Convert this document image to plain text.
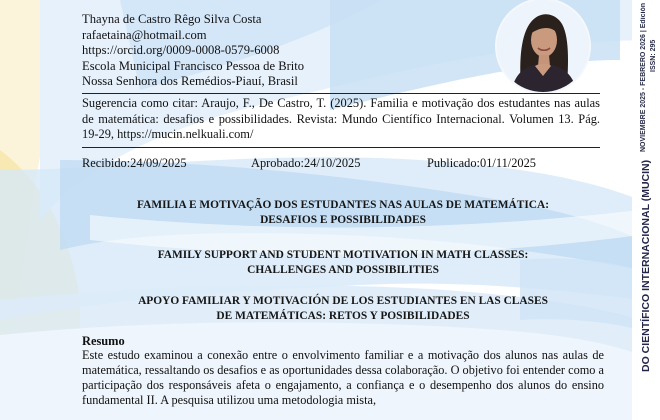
Thayna de Castro Rêgo Silva Costa
rafaetaina@hotmail.com
https://orcid.org/0009-0008-0579-6008
Escola Municipal Francisco Pessoa de Brito
Nossa Senhora dos Remédios-Piauí, Brasil
Sugerencia como citar: Araujo, F., De Castro, T. (2025). Familia e motivação dos estudantes nas aulas de matemática: desafios e possibilidades. Revista: Mundo Científico Internacional. Volumen 13. Pág. 19-29, https://mucin.nelkuali.com/
Recibido:24/09/2025	Aprobado:24/10/2025	Publicado:01/11/2025
FAMILIA E MOTIVAÇÃO DOS ESTUDANTES NAS AULAS DE MATEMÁTICA:
DESAFIOS E POSSIBILIDADES
FAMILY SUPPORT AND STUDENT MOTIVATION IN MATH CLASSES:
CHALLENGES AND POSSIBILITIES
APOYO FAMILIAR Y MOTIVACIÓN DE LOS ESTUDIANTES EN LAS CLASES
DE MATEMÁTICAS: RETOS Y POSIBILIDADES
Resumo
Este estudo examinou a conexão entre o envolvimento familiar e a motivação dos alunos nas aulas de matemática, ressaltando os desafios e as oportunidades dessa colaboração. O objetivo foi entender como a participação dos responsáveis afeta o engajamento, a confiança e o desempenho dos alunos do ensino fundamental II. A pesquisa utilizou uma metodologia mista,
NOVIEMBRE 2025 - FEBRERO 2026 | Edición ISSN: 295
DO CIENTÍFICO INTERNACIONAL (MUCIN)
